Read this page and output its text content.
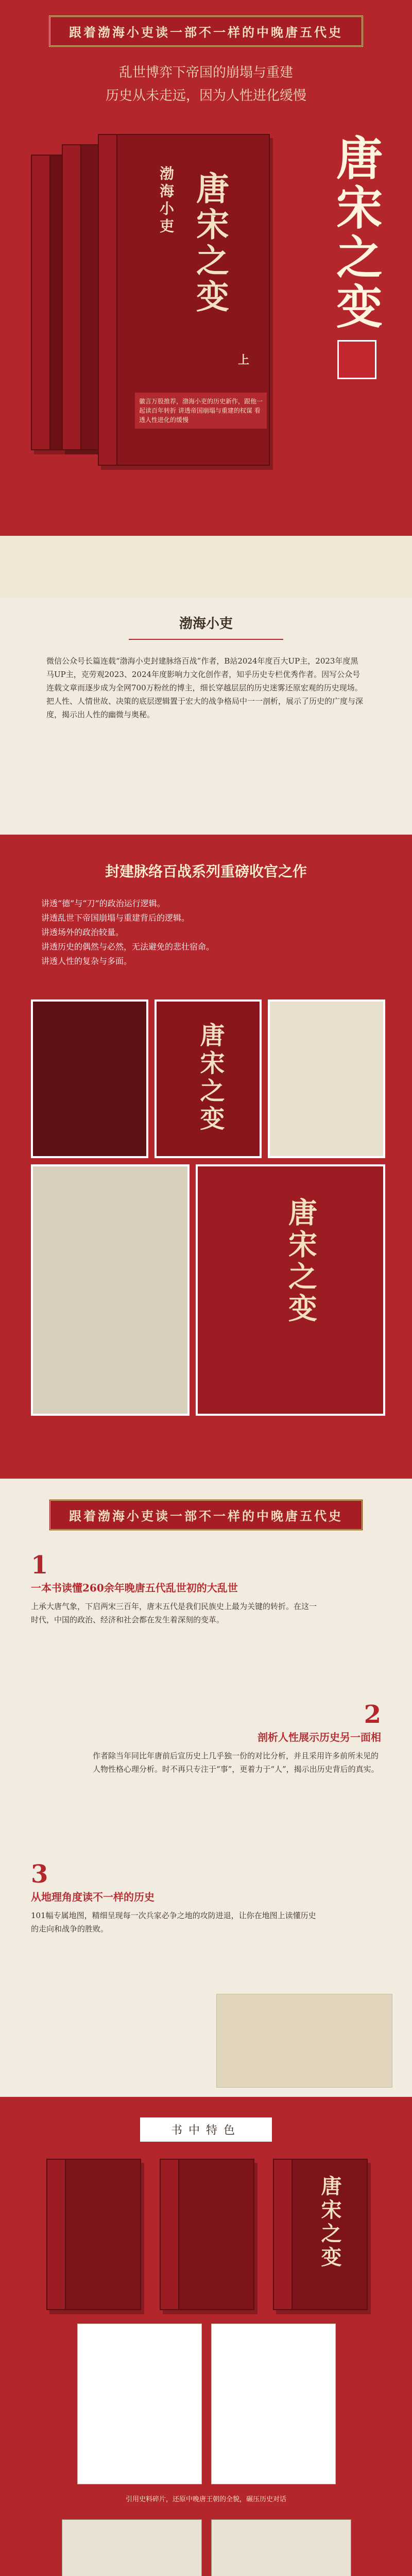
跟着渤海小吏读一部不一样的中晚唐五代史
乱世博弈下帝国的崩塌与重建
历史从未走远，因为人性进化缓慢
唐宋之变
渤海小吏
上
徽言万股推荐，渤海小吏的历史新作，跟他一起读百年转折 讲透帝国崩塌与重建的权谋 看透人性进化的缓慢
唐宋之变
渤海小吏
微信公众号长篇连载“渤海小吏封建脉络百战”作者，B站2024年度百大UP主，2023年度黑马UP主，克劳观2023、2024年度影响力文化创作者，知乎历史专栏优秀作者。因写公众号连载文章而逐步成为全网700万粉丝的博主，细长穿越层层的历史迷雾还原宏观的历史现场。把人性、人情世故、决策的底层逻辑置于宏大的战争格局中一一剖析，展示了历史的广度与深度，揭示出人性的幽微与奥秘。
封建脉络百战系列重磅收官之作
讲透“德”与“刀”的政治运行逻辑。
讲透乱世下帝国崩塌与重建背后的逻辑。
讲透场外的政治较量。
讲透历史的偶然与必然，无法避免的悲壮宿命。
讲透人性的复杂与多面。
唐宋之变
唐宋之变
跟着渤海小吏读一部不一样的中晚唐五代史
1
一本书读懂260余年晚唐五代乱世初的大乱世
上承大唐气象，下启两宋三百年，唐末五代是我们民族史上最为关键的转折。在这一时代，中国的政治、经济和社会都在发生着深刻的变革。
2
剖析人性展示历史另一面相
作者除当年同比年唐前后宣历史上几乎独一份的对比分析，并且采用许多前所未见的人物性格心理分析。时不再只专注于“事”，更着力于“人”，揭示出历史背后的真实。
3
从地理角度读不一样的历史
101幅专属地图，精细呈现每一次兵家必争之地的攻防进退，让你在地图上读懂历史的走向和战争的胜败。
书中特色
唐宋之变
引用史料碎片，还原中晚唐王朝的全貌，碾压历史对话
